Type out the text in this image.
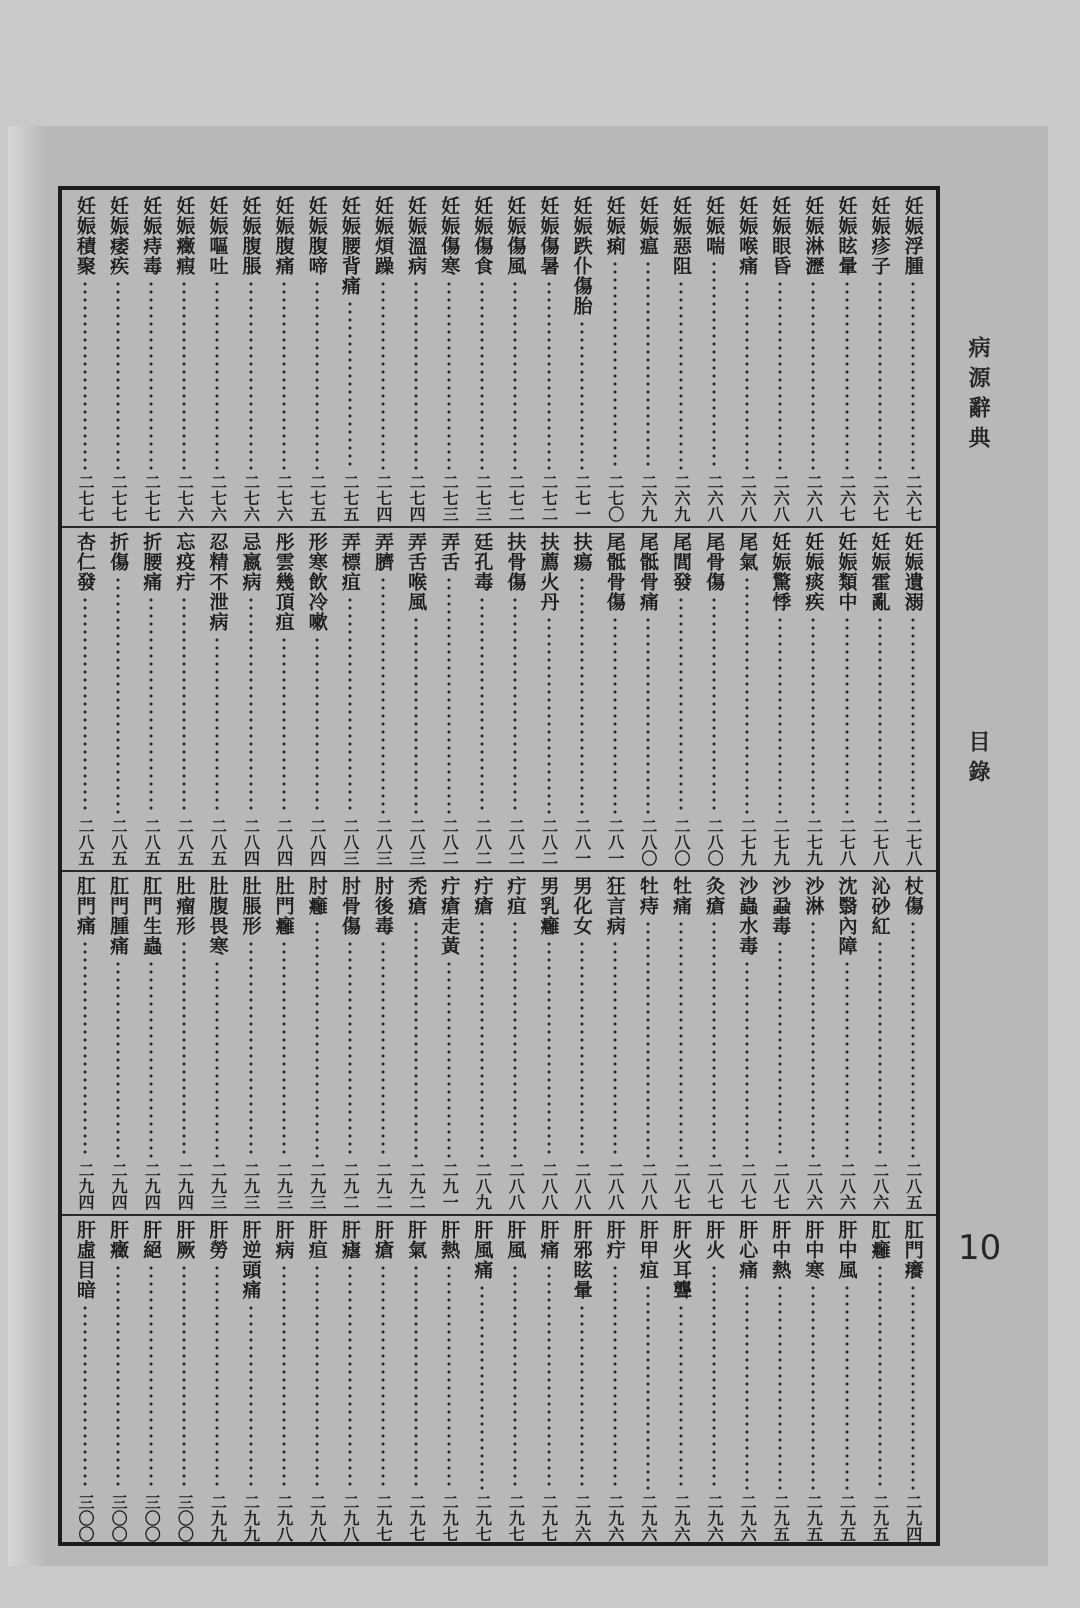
妊娠浮腫
二六七
妊娠疹子
二六七
妊娠眩暈
二六七
妊娠淋瀝
二六八
妊娠眼昏
二六八
妊娠喉痛
二六八
妊娠喘
二六八
妊娠惡阻
二六九
妊娠瘟
二六九
妊娠痢
二七〇
妊娠跌仆傷胎
二七一
妊娠傷暑
二七二
妊娠傷風
二七二
妊娠傷食
二七三
妊娠傷寒
二七三
妊娠溫病
二七四
妊娠煩躁
二七四
妊娠腰背痛
二七五
妊娠腹啼
二七五
妊娠腹痛
二七六
妊娠腹脹
二七六
妊娠嘔吐
二七六
妊娠癥瘕
二七六
妊娠痔毒
二七七
妊娠痿疾
二七七
妊娠積聚
二七七
妊娠遺溺
二七八
妊娠霍亂
二七八
妊娠類中
二七八
妊娠痰疾
二七九
妊娠驚悸
二七九
尾氣
二七九
尾骨傷
二八〇
尾閭發
二八〇
尾骶骨痛
二八〇
尾骶骨傷
二八一
扶瘍
二八一
扶薦火丹
二八二
扶骨傷
二八二
廷孔毒
二八二
弄舌
二八二
弄舌喉風
二八三
弄臍
二八三
弄標疽
二八三
形寒飲冷嗽
二八四
彤雲幾頂疽
二八四
忌嬴病
二八四
忍精不泄病
二八五
忘疫疔
二八五
折腰痛
二八五
折傷
二八五
杏仁發
二八五
杖傷
二八五
沁砂紅
二八六
沈翳內障
二八六
沙淋
二八六
沙蝨毒
二八七
沙蟲水毒
二八七
灸瘡
二八七
牡痛
二八七
牡痔
二八八
狂言病
二八八
男化女
二八八
男乳癰
二八八
疔疽
二八八
疔瘡
二八九
疔瘡走黃
二九一
禿瘡
二九二
肘後毒
二九二
肘骨傷
二九二
肘癰
二九三
肚門癰
二九三
肚脹形
二九三
肚腹畏寒
二九三
肚瘤形
二九四
肛門生蟲
二九四
肛門腫痛
二九四
肛門痛
二九四
肛門癢
二九四
肛癰
二九五
肝中風
二九五
肝中寒
二九五
肝中熱
二九五
肝心痛
二九六
肝火
二九六
肝火耳聾
二九六
肝甲疽
二九六
肝疔
二九六
肝邪眩暈
二九六
肝痛
二九七
肝風
二九七
肝風痛
二九七
肝熱
二九七
肝氣
二九七
肝瘡
二九七
肝瘧
二九八
肝疸
二九八
肝病
二九八
肝逆頭痛
二九九
肝勞
二九九
肝厥
三〇〇
肝絕
三〇〇
肝癥
三〇〇
肝虛目暗
三〇〇
病源辭典
目錄
10
